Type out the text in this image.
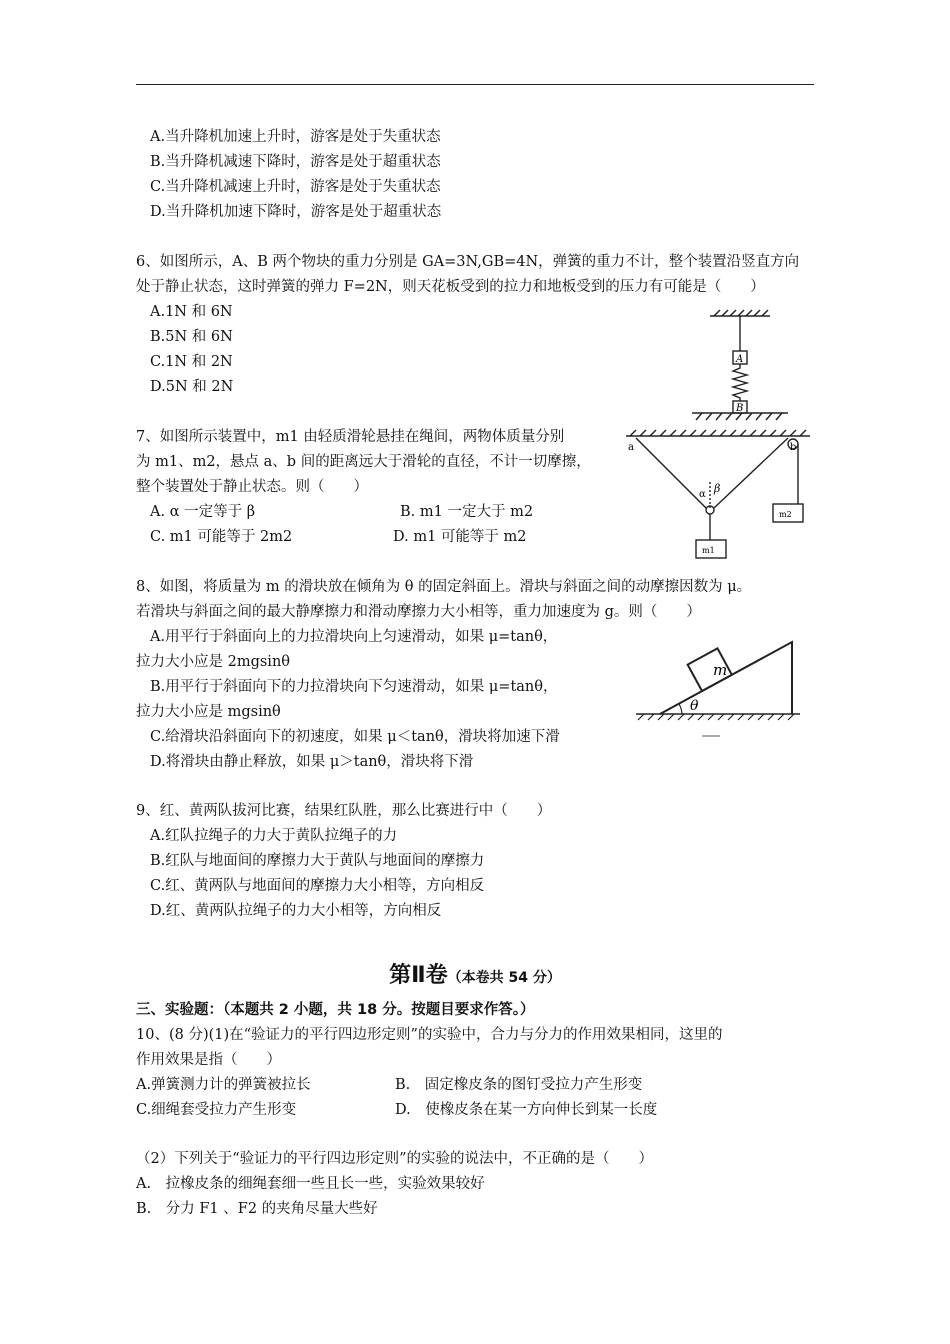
A.当升降机加速上升时，游客是处于失重状态
B.当升降机减速下降时，游客是处于超重状态
C.当升降机减速上升时，游客是处于失重状态
D.当升降机加速下降时，游客是处于超重状态
6、如图所示，A、B 两个物块的重力分别是 GA=3N,GB=4N，弹簧的重力不计，整个装置沿竖直方向
处于静止状态，这时弹簧的弹力 F=2N，则天花板受到的拉力和地板受到的压力有可能是（　　）
A.1N 和 6N
B.5N 和 6N
C.1N 和 2N
D.5N 和 2N
A
B
7、如图所示装置中，m1 由轻质滑轮悬挂在绳间，两物体质量分别
为 m1、m2，悬点 a、b 间的距离远大于滑轮的直径，不计一切摩擦，
整个装置处于静止状态。则（　　）
A. α 一定等于 β	B. m1 一定大于 m2
C. m1 可能等于 2m2	D. m1 可能等于 m2
a	b
α β
m1
m2
8、如图，将质量为 m 的滑块放在倾角为 θ 的固定斜面上。滑块与斜面之间的动摩擦因数为 μ。
若滑块与斜面之间的最大静摩擦力和滑动摩擦力大小相等，重力加速度为 g。则（　　）
A.用平行于斜面向上的力拉滑块向上匀速滑动，如果 μ=tanθ，
拉力大小应是 2mgsinθ
B.用平行于斜面向下的力拉滑块向下匀速滑动，如果 μ=tanθ，
拉力大小应是 mgsinθ
C.给滑块沿斜面向下的初速度，如果 μ＜tanθ，滑块将加速下滑
D.将滑块由静止释放，如果 μ＞tanθ，滑块将下滑
m
θ
9、红、黄两队拔河比赛，结果红队胜，那么比赛进行中（　　）
A.红队拉绳子的力大于黄队拉绳子的力
B.红队与地面间的摩擦力大于黄队与地面间的摩擦力
C.红、黄两队与地面间的摩擦力大小相等，方向相反
D.红、黄两队拉绳子的力大小相等，方向相反
第Ⅱ卷（本卷共 54 分）
三、实验题：（本题共 2 小题，共 18 分。按题目要求作答。）
10、(8 分)(1)在“验证力的平行四边形定则”的实验中，合力与分力的作用效果相同，这里的
作用效果是指（　　）
A.弹簧测力计的弹簧被拉长	B.　固定橡皮条的图钉受拉力产生形变
C.细绳套受拉力产生形变	D.　使橡皮条在某一方向伸长到某一长度
（2）下列关于“验证力的平行四边形定则”的实验的说法中，不正确的是（　　）
A.　拉橡皮条的细绳套细一些且长一些，实验效果较好
B.　分力 F1 、F2 的夹角尽量大些好
